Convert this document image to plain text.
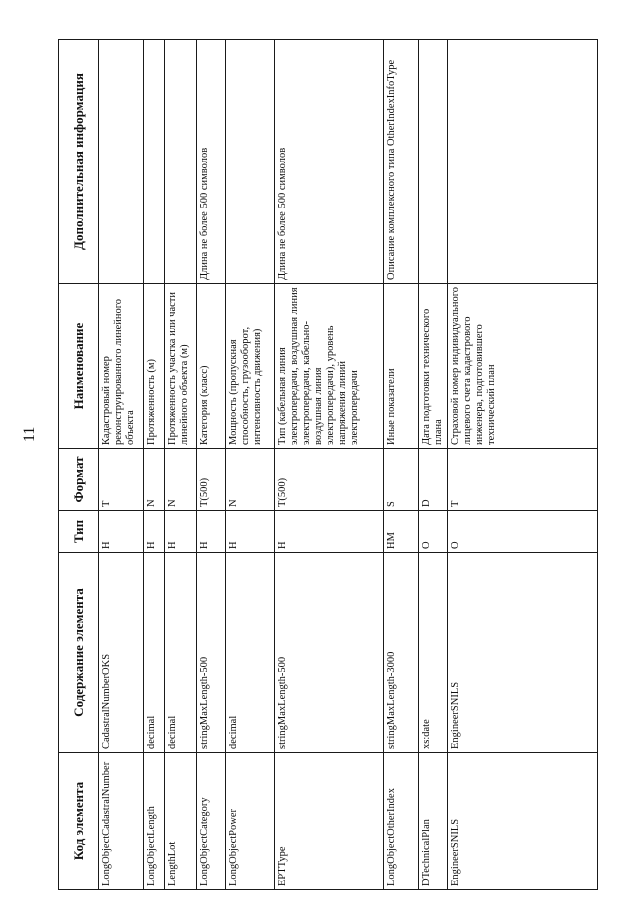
11
Код элемента	Содержание элемента	Тип	Формат	Наименование	Дополнительная информация
LongObjectCadastralNumber	CadastralNumberOKS	Н	T	Кадастровый номер реконструированного линейного объекта	
LongObjectLength	decimal	Н	N	Протяженность (м)	
LengthLot	decimal	Н	N	Протяженность участка или части линейного объекта (м)	
LongObjectCategory	stringMaxLength-500	Н	T(500)	Категория (класс)	Длина не более 500 символов
LongObjectPower	decimal	Н	N	Мощность (пропускная способность, грузооборот, интенсивность движения)	
EPTType	stringMaxLength-500	Н	T(500)	Тип (кабельная линия электропередачи, воздушная линия электропередачи, кабельно-воздушная линия электропередачи), уровень напряжения линий электропередачи	Длина не более 500 символов
LongObjectOtherIndex	stringMaxLength-3000	НМ	S	Иные показатели	Описание комплексного типа OtherIndexInfoType
DTechnicalPlan	xs:date	О	D	Дата подготовки технического плана	
EngineerSNILS	EngineerSNILS	О	T	Страховой номер индивидуального лицевого счета кадастрового инженера, подготовившего технический план	
